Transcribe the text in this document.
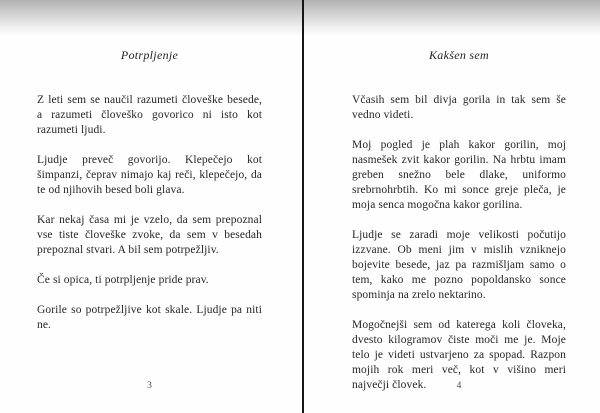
Potrpljenje

Z leti sem se naučil razumeti človeške besede, a razumeti človeško govorico ni isto kot razumeti ljudi.

Ljudje preveč govorijo. Klepečejo kot šimpanzi, čeprav nimajo kaj reči, klepečejo, da te od njihovih besed boli glava.

Kar nekaj časa mi je vzelo, da sem prepoznal vse tiste človeške zvoke, da sem v besedah prepoznal stvari. A bil sem potrpežljiv.

Če si opica, ti potrpljenje pride prav.

Gorile so potrpežljive kot skale. Ljudje pa niti ne.

3
Kakšen sem

Včasih sem bil divja gorila in tak sem še vedno videti.

Moj pogled je plah kakor gorilin, moj nasmešek zvit kakor gorilin. Na hrbtu imam greben snežno bele dlake, uniformo srebrnohrbtih. Ko mi sonce greje pleča, je moja senca mogočna kakor gorilina.

Ljudje se zaradi moje velikosti počutijo izzvane. Ob meni jim v mislih vzniknejo bojevite besede, jaz pa razmišljam samo o tem, kako me pozno popoldansko sonce spominja na zrelo nektarino.

Mogočnejši sem od katerega koli človeka, dvesto kilogramov čiste moči me je. Moje telo je videti ustvarjeno za spopad. Razpon mojih rok meri več, kot v višino meri največji človek.	4
